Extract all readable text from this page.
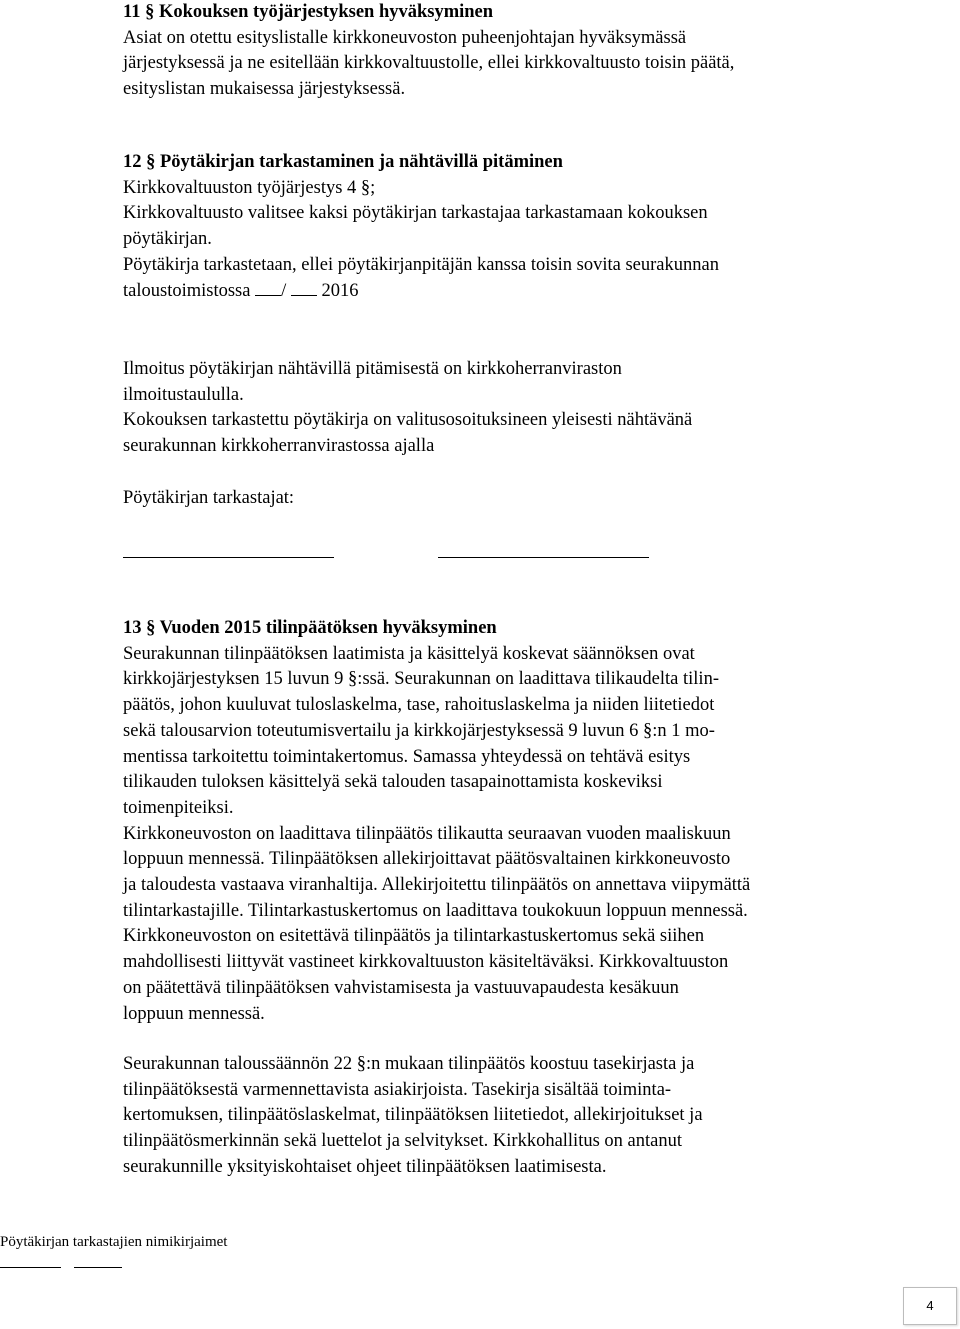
11 § Kokouksen työjärjestyksen hyväksyminen
Asiat on otettu esityslistalle kirkkoneuvoston puheenjohtajan hyväksymässä
järjestyksessä ja ne esitellään kirkkovaltuustolle, ellei kirkkovaltuusto toisin päätä,
esityslistan mukaisessa järjestyksessä.
12 § Pöytäkirjan tarkastaminen ja nähtävillä pitäminen
Kirkkovaltuuston työjärjestys 4 §;
Kirkkovaltuusto valitsee kaksi pöytäkirjan tarkastajaa tarkastamaan kokouksen
pöytäkirjan.
Pöytäkirja tarkastetaan, ellei pöytäkirjanpitäjän kanssa toisin sovita seurakunnan
taloustoimistossa / 2016
Ilmoitus pöytäkirjan nähtävillä pitämisestä on kirkkoherranviraston
ilmoitustaululla.
Kokouksen tarkastettu pöytäkirja on valitusosoituksineen yleisesti nähtävänä
seurakunnan kirkkoherranvirastossa ajalla
Pöytäkirjan tarkastajat:
13 § Vuoden 2015 tilinpäätöksen hyväksyminen
Seurakunnan tilinpäätöksen laatimista ja käsittelyä koskevat säännöksen ovat
kirkkojärjestyksen 15 luvun 9 §:ssä. Seurakunnan on laadittava tilikaudelta tilin-
päätös, johon kuuluvat tuloslaskelma, tase, rahoituslaskelma ja niiden liitetiedot
sekä talousarvion toteutumisvertailu ja kirkkojärjestyksessä 9 luvun 6 §:n 1 mo-
mentissa tarkoitettu toimintakertomus. Samassa yhteydessä on tehtävä esitys
tilikauden tuloksen käsittelyä sekä talouden tasapainottamista koskeviksi
toimenpiteiksi.
Kirkkoneuvoston on laadittava tilinpäätös tilikautta seuraavan vuoden maaliskuun
loppuun mennessä. Tilinpäätöksen allekirjoittavat päätösvaltainen kirkkoneuvosto
ja taloudesta vastaava viranhaltija. Allekirjoitettu tilinpäätös on annettava viipymättä
tilintarkastajille. Tilintarkastuskertomus on laadittava toukokuun loppuun mennessä.
Kirkkoneuvoston on esitettävä tilinpäätös ja tilintarkastuskertomus sekä siihen
mahdollisesti liittyvät vastineet kirkkovaltuuston käsiteltäväksi. Kirkkovaltuuston
on päätettävä tilinpäätöksen vahvistamisesta ja vastuuvapaudesta kesäkuun
loppuun mennessä.
Seurakunnan taloussäännön 22 §:n mukaan tilinpäätös koostuu tasekirjasta ja
tilinpäätöksestä varmennettavista asiakirjoista. Tasekirja sisältää toiminta-
kertomuksen, tilinpäätöslaskelmat, tilinpäätöksen liitetiedot, allekirjoitukset ja
tilinpäätösmerkinnän sekä luettelot ja selvitykset. Kirkkohallitus on antanut
seurakunnille yksityiskohtaiset ohjeet tilinpäätöksen laatimisesta.
Pöytäkirjan tarkastajien nimikirjaimet
4
